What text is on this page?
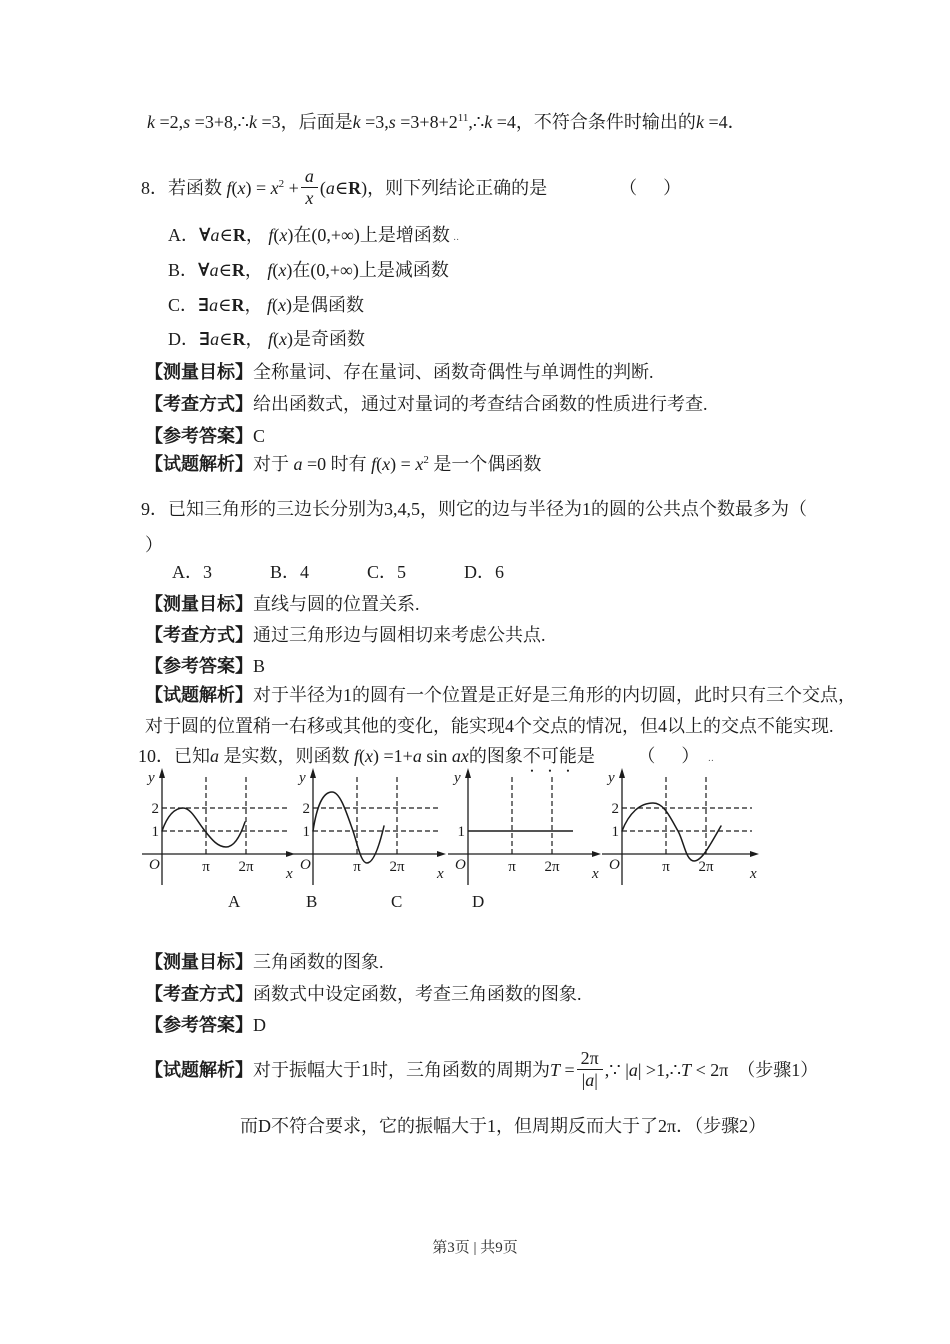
k =2,s =3+8,∴k =3，后面是$k =3,s =3+8+2^{11},\therefore k =4$，不符合条件时输出的k =4．
8．若函数 $f(x) = x^2 + \frac{a}{x}$ (a∈R)，则下列结论正确的是	（　）
A．∀a∈R， f(x)在(0,+∞)上是增函数 ‥
B．∀a∈R， f(x)在(0,+∞)上是减函数
C．∃a∈R， f(x)是偶函数
D．∃a∈R， f(x)是奇函数
【测量目标】全称量词、存在量词、函数奇偶性与单调性的判断.
【考查方式】给出函数式，通过对量词的考查结合函数的性质进行考查.
【参考答案】C
【试题解析】对于 a =0 时有 $f(x) = x^2$ 是一个偶函数
9．已知三角形的三边长分别为3,4,5，则它的边与半径为1的圆的公共点个数最多为（
）
A．3	B．4	C．5	D．6
【测量目标】直线与圆的位置关系.
【考查方式】通过三角形边与圆相切来考虑公共点.
【参考答案】B
【试题解析】对于半径为1的圆有一个位置是正好是三角形的内切圆，此时只有三个交点，
对于圆的位置稍一右移或其他的变化，能实现4个交点的情况，但4以上的交点不能实现.
10．已知a 是实数，则函数 f(x) =1+a sin ax的图象不可能是 （　） ‥
y
O
x
π 2π
1
2
y
O
x
π 2π
1
2
y
O
x
π 2π
1
y
O
x
π 2π
1
2
A	B	C	D
【测量目标】三角函数的图象.
【考查方式】函数式中设定函数，考查三角函数的图象.
【参考答案】D
【试题解析】 对于振幅大于1时，三角函数的周期为$T = \frac{2\pi}{|a|}$ ,∵ |a| >1,∴T < 2π　（步骤1）
而D不符合要求，它的振幅大于1，但周期反而大于了2π．（步骤2）
第3页 | 共9页
